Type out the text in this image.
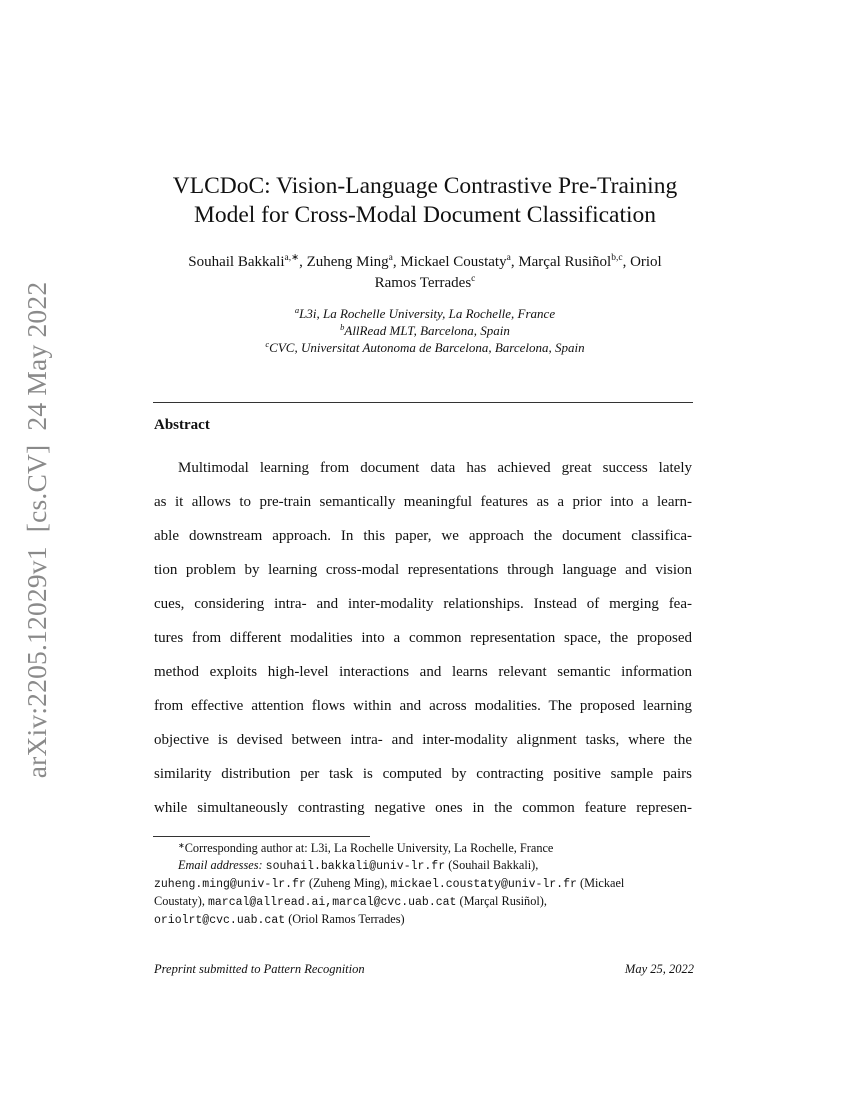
arXiv:2205.12029v1[cs.CV]24 May 2022
VLCDoC: Vision-Language Contrastive Pre-Training
Model for Cross-Modal Document Classification
Souhail Bakkali$^{a,∗}$, Zuheng Ming$^a$, Mickael Coustaty$^a$, Marçal Rusiñol$^{b,c}$, Oriol
Ramos Terrades$^c$
$^a$L3i, La Rochelle University, La Rochelle, France
$^b$AllRead MLT, Barcelona, Spain
$^c$CVC, Universitat Autonoma de Barcelona, Barcelona, Spain
Abstract
Multimodal learning from document data has achieved great success lately
as it allows to pre-train semantically meaningful features as a prior into a learn-
able downstream approach. In this paper, we approach the document classifica-
tion problem by learning cross-modal representations through language and vision
cues, considering intra- and inter-modality relationships. Instead of merging fea-
tures from different modalities into a common representation space, the proposed
method exploits high-level interactions and learns relevant semantic information
from effective attention flows within and across modalities. The proposed learning
objective is devised between intra- and inter-modality alignment tasks, where the
similarity distribution per task is computed by contracting positive sample pairs
while simultaneously contrasting negative ones in the common feature represen-
∗Corresponding author at: L3i, La Rochelle University, La Rochelle, France
Email addresses: souhail.bakkali@univ-lr.fr (Souhail Bakkali),
zuheng.ming@univ-lr.fr (Zuheng Ming), mickael.coustaty@univ-lr.fr (Mickael
Coustaty), marcal@allread.ai,marcal@cvc.uab.cat (Marçal Rusiñol),
oriolrt@cvc.uab.cat (Oriol Ramos Terrades)
Preprint submitted to Pattern Recognition	May 25, 2022
